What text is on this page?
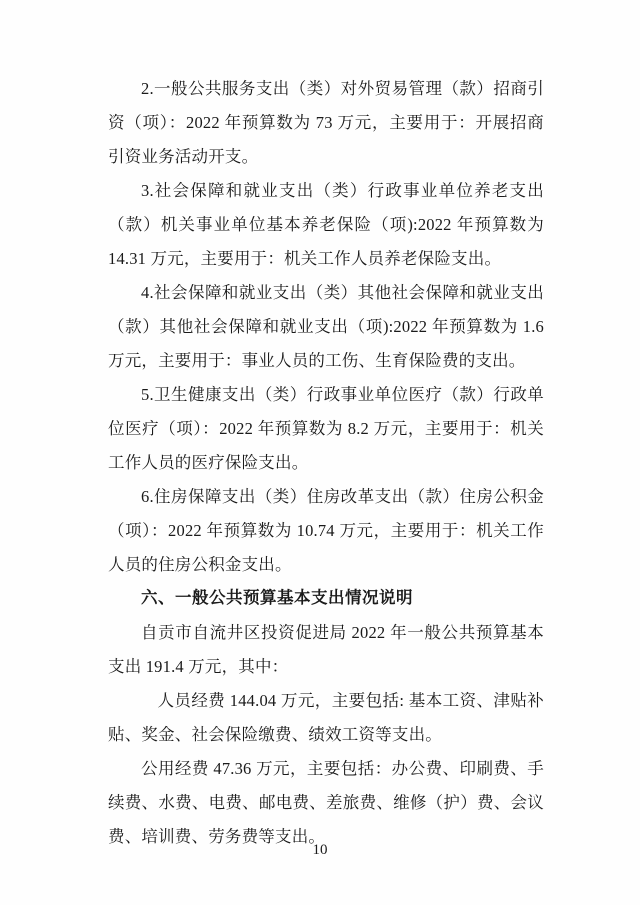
2.一般公共服务支出（类）对外贸易管理（款）招商引资（项）：2022 年预算数为 73 万元，主要用于：开展招商引资业务活动开支。

3.社会保障和就业支出（类）行政事业单位养老支出（款）机关事业单位基本养老保险（项):2022 年预算数为 14.31 万元，主要用于：机关工作人员养老保险支出。

4.社会保障和就业支出（类）其他社会保障和就业支出（款）其他社会保障和就业支出（项):2022 年预算数为 1.6 万元，主要用于：事业人员的工伤、生育保险费的支出。

5.卫生健康支出（类）行政事业单位医疗（款）行政单位医疗（项）：2022 年预算数为 8.2 万元，主要用于：机关工作人员的医疗保险支出。

6.住房保障支出（类）住房改革支出（款）住房公积金（项）：2022 年预算数为 10.74 万元，主要用于：机关工作人员的住房公积金支出。

六、一般公共预算基本支出情况说明

自贡市自流井区投资促进局 2022 年一般公共预算基本支出 191.4 万元，其中：

人员经费 144.04 万元，主要包括: 基本工资、津贴补贴、奖金、社会保险缴费、绩效工资等支出。

公用经费 47.36 万元，主要包括：办公费、印刷费、手续费、水费、电费、邮电费、差旅费、维修（护）费、会议费、培训费、劳务费等支出。

10
